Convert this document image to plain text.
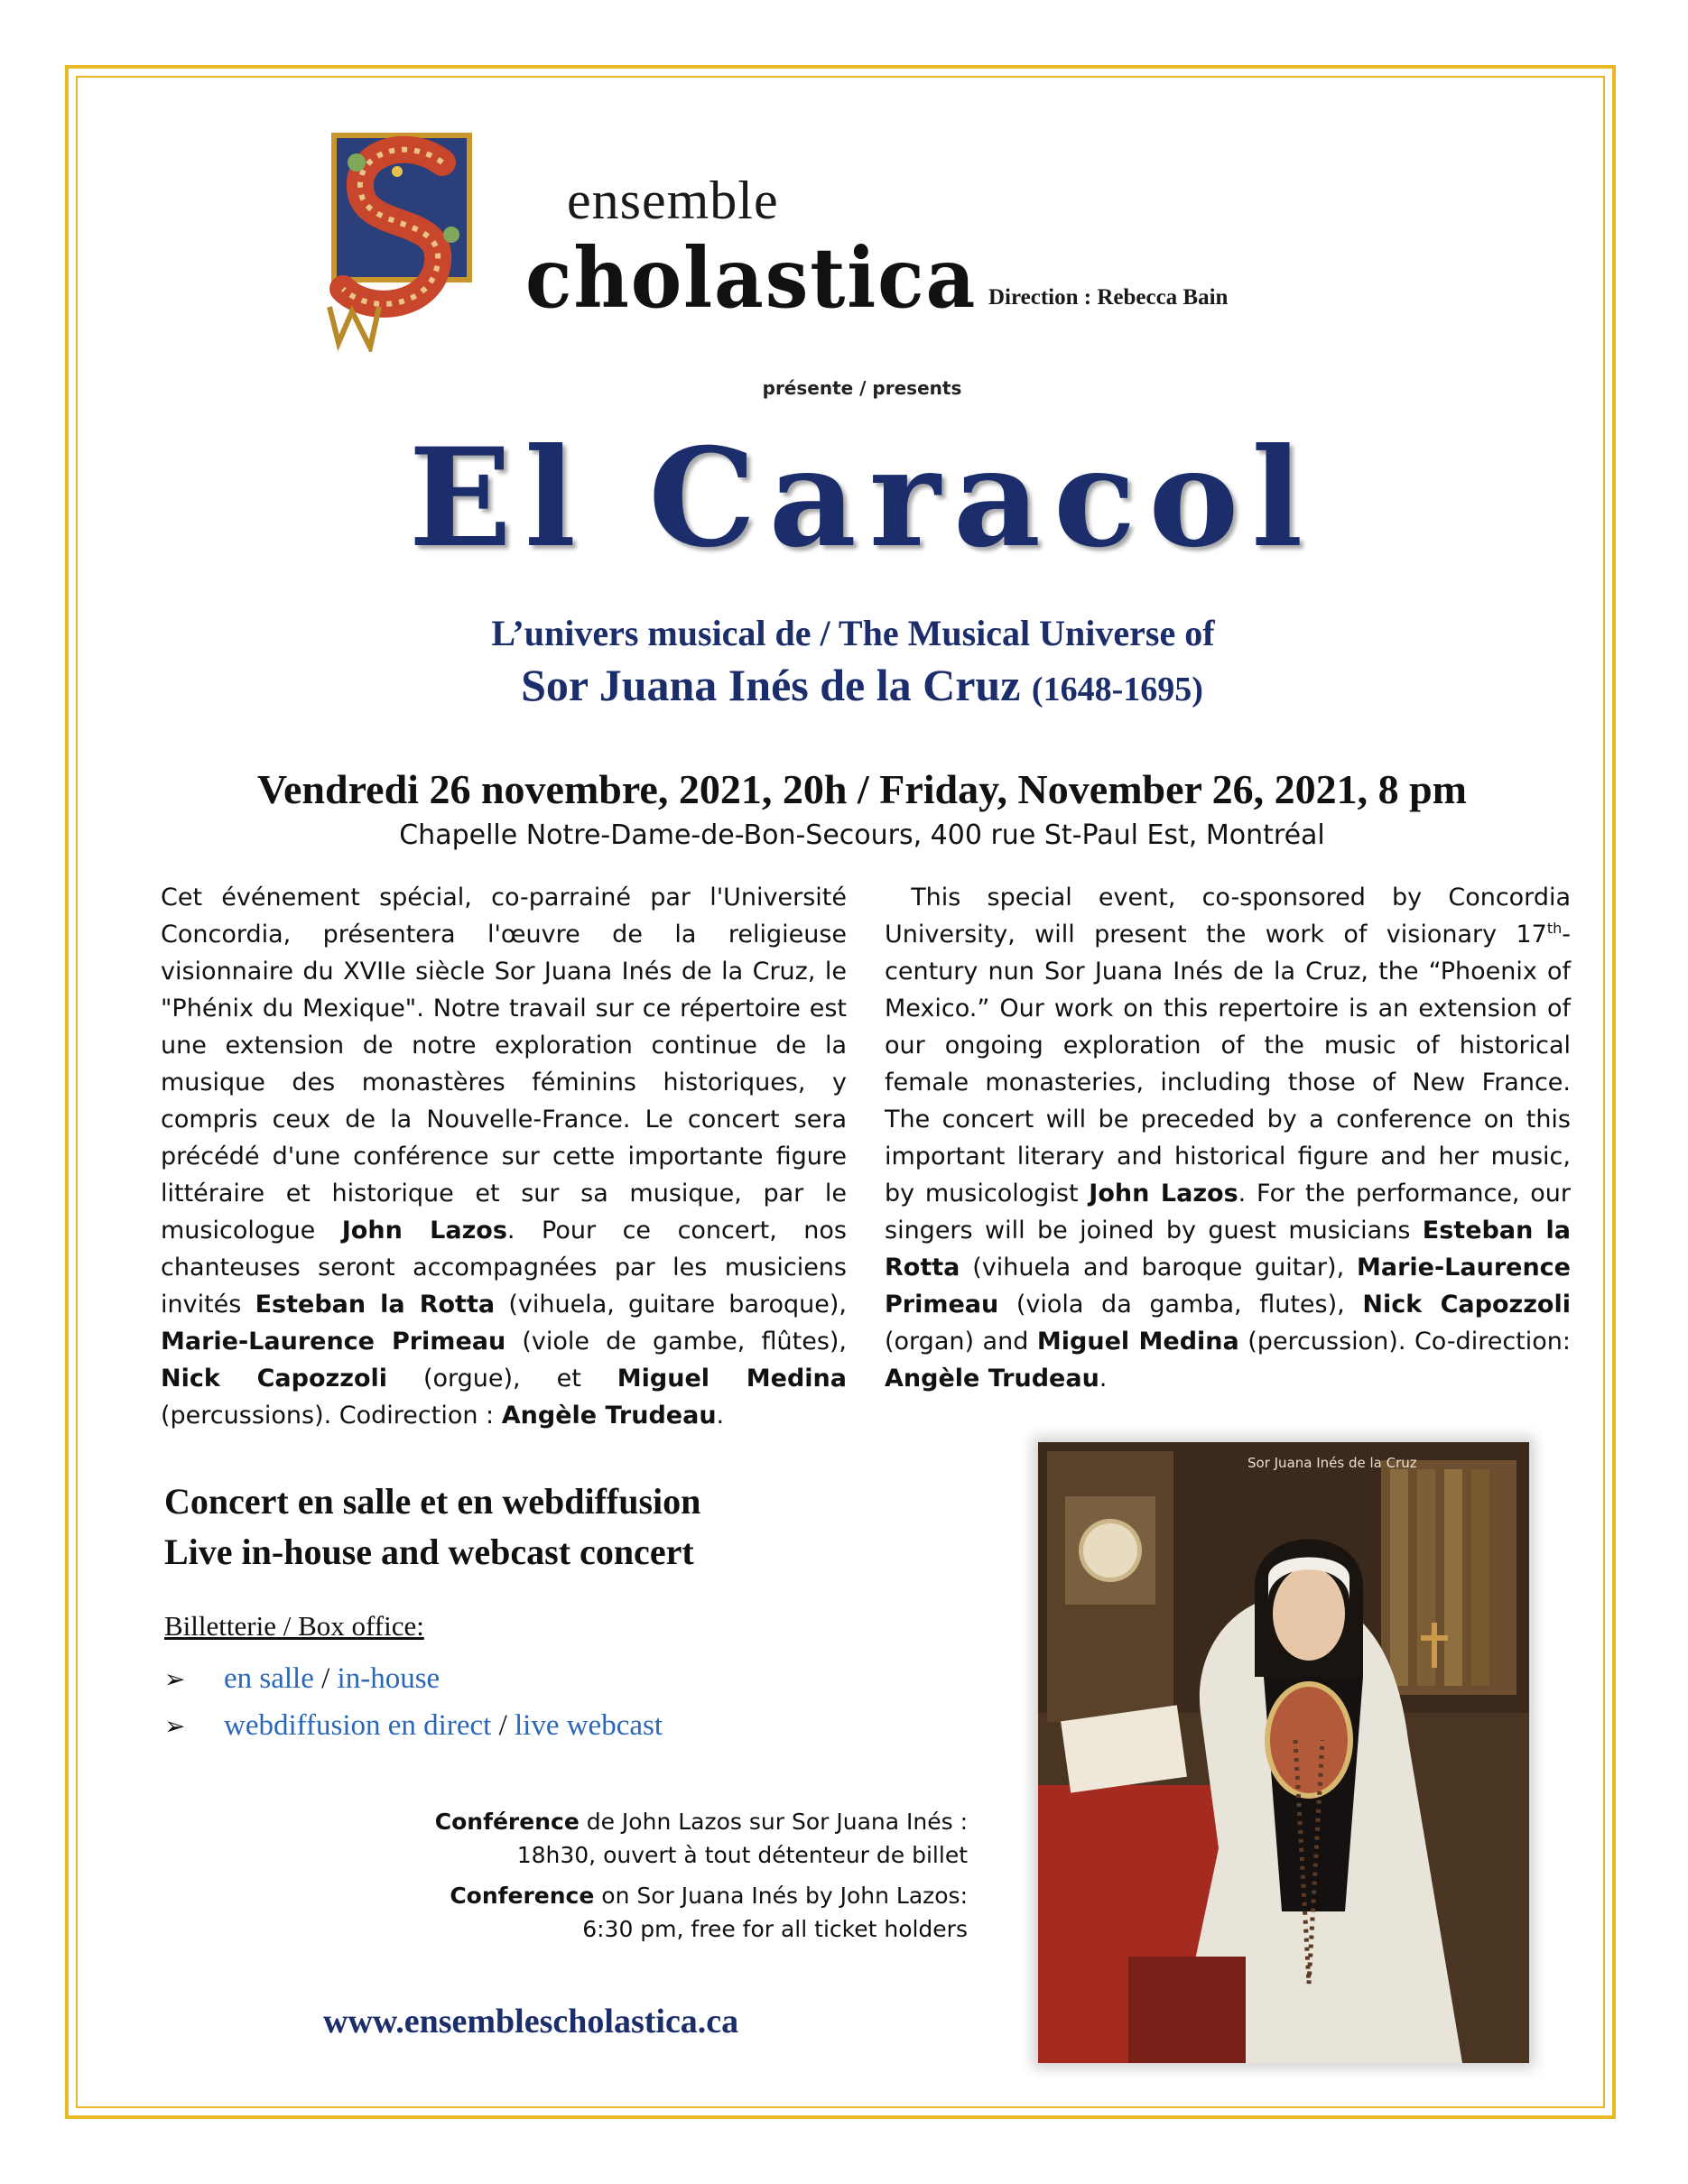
ensemble
cholastica Direction : Rebecca Bain
présente / presents
El Caracol
L’univers musical de / The Musical Universe of
Sor Juana Inés de la Cruz (1648-1695)
Vendredi 26 novembre, 2021, 20h / Friday, November 26, 2021, 8 pm
Chapelle Notre-Dame-de-Bon-Secours, 400 rue St-Paul Est, Montréal
Cet événement spécial, co-parrainé par l'Université Concordia, présentera l'œuvre de la religieuse visionnaire du XVIIe siècle Sor Juana Inés de la Cruz, le "Phénix du Mexique". Notre travail sur ce répertoire est une extension de notre exploration continue de la musique des monastères féminins historiques, y compris ceux de la Nouvelle-France. Le concert sera précédé d'une conférence sur cette importante figure littéraire et historique et sur sa musique, par le musicologue John Lazos. Pour ce concert, nos chanteuses seront accompagnées par les musiciens invités Esteban la Rotta (vihuela, guitare baroque), Marie-Laurence Primeau (viole de gambe, flûtes), Nick Capozzoli (orgue), et Miguel Medina (percussions). Codirection : Angèle Trudeau.
This special event, co-sponsored by Concordia University, will present the work of visionary 17th-century nun Sor Juana Inés de la Cruz, the “Phoenix of Mexico.” Our work on this repertoire is an extension of our ongoing exploration of the music of historical female monasteries, including those of New France. The concert will be preceded by a conference on this important literary and historical figure and her music, by musicologist John Lazos. For the performance, our singers will be joined by guest musicians Esteban la Rotta (vihuela and baroque guitar), Marie-Laurence Primeau (viola da gamba, flutes), Nick Capozzoli (organ) and Miguel Medina (percussion). Co-direction: Angèle Trudeau.
Concert en salle et en webdiffusion
Live in-house and webcast concert
Billetterie / Box office:
➢ en salle / in-house
➢ webdiffusion en direct / live webcast
Conférence de John Lazos sur Sor Juana Inés :
18h30, ouvert à tout détenteur de billet
Conference on Sor Juana Inés by John Lazos:
6:30 pm, free for all ticket holders
www.ensemblescholastica.ca
Sor Juana Inés de la Cruz
